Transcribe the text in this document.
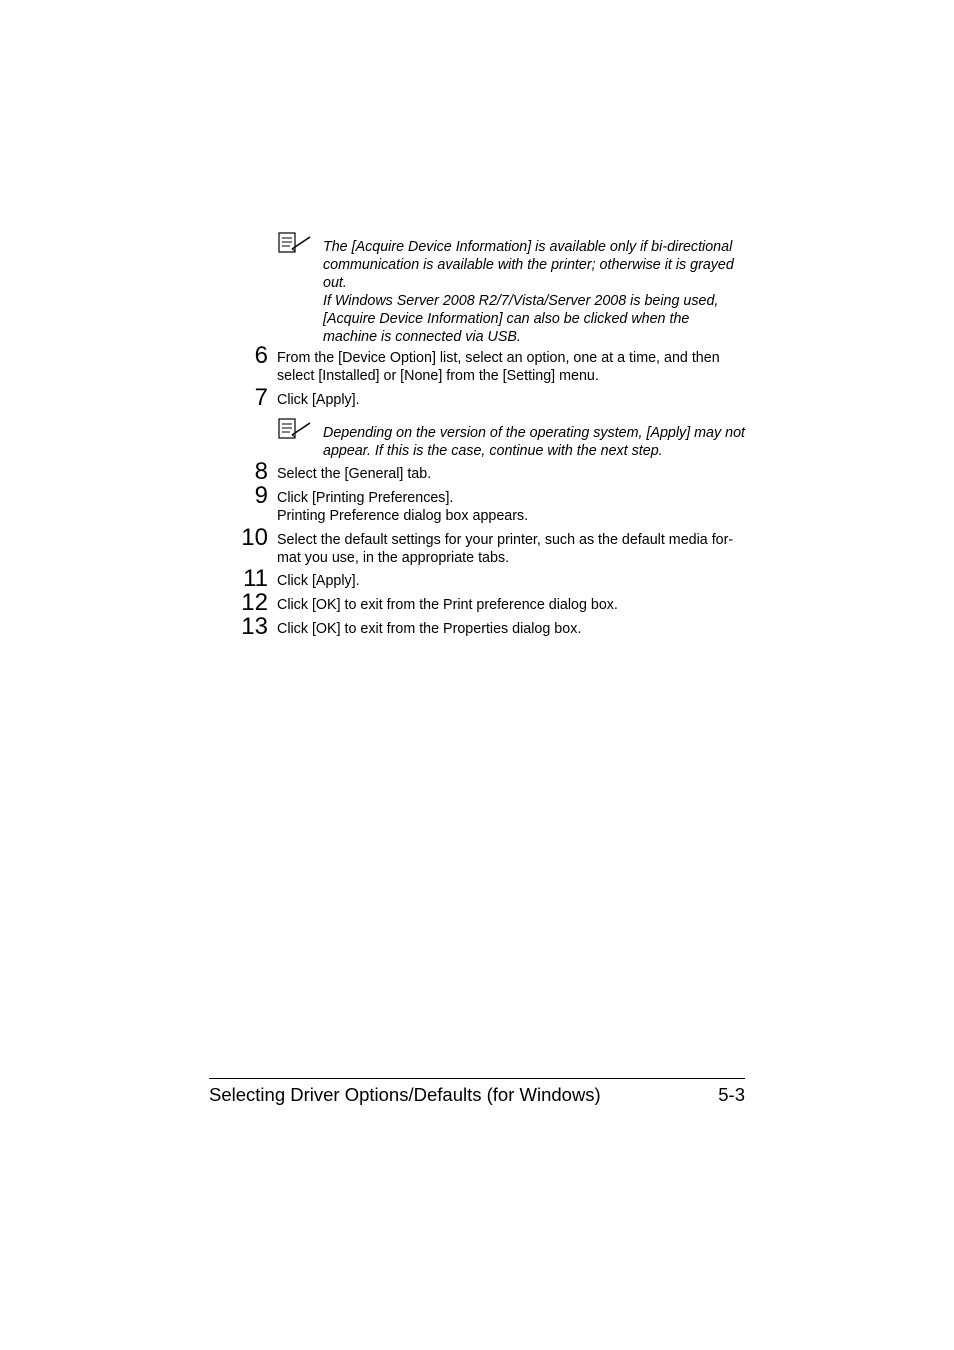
The [Acquire Device Information] is available only if bi-directional

communication is available with the printer; otherwise it is grayed

out.

If Windows Server 2008 R2/7/Vista/Server 2008 is being used,

[Acquire Device Information] can also be clicked when the

machine is connected via USB.

6 From the [Device Option] list, select an option, one at a time, and then

select [Installed] or [None] from the [Setting] menu.

7 Click [Apply].

Depending on the version of the operating system, [Apply] may not

appear. If this is the case, continue with the next step.

8 Select the [General] tab.

9 Click [Printing Preferences].

Printing Preference dialog box appears.

10 Select the default settings for your printer, such as the default media for-

mat you use, in the appropriate tabs.

11 Click [Apply].

12 Click [OK] to exit from the Print preference dialog box.

13 Click [OK] to exit from the Properties dialog box.

Selecting Driver Options/Defaults (for Windows)	5-3
